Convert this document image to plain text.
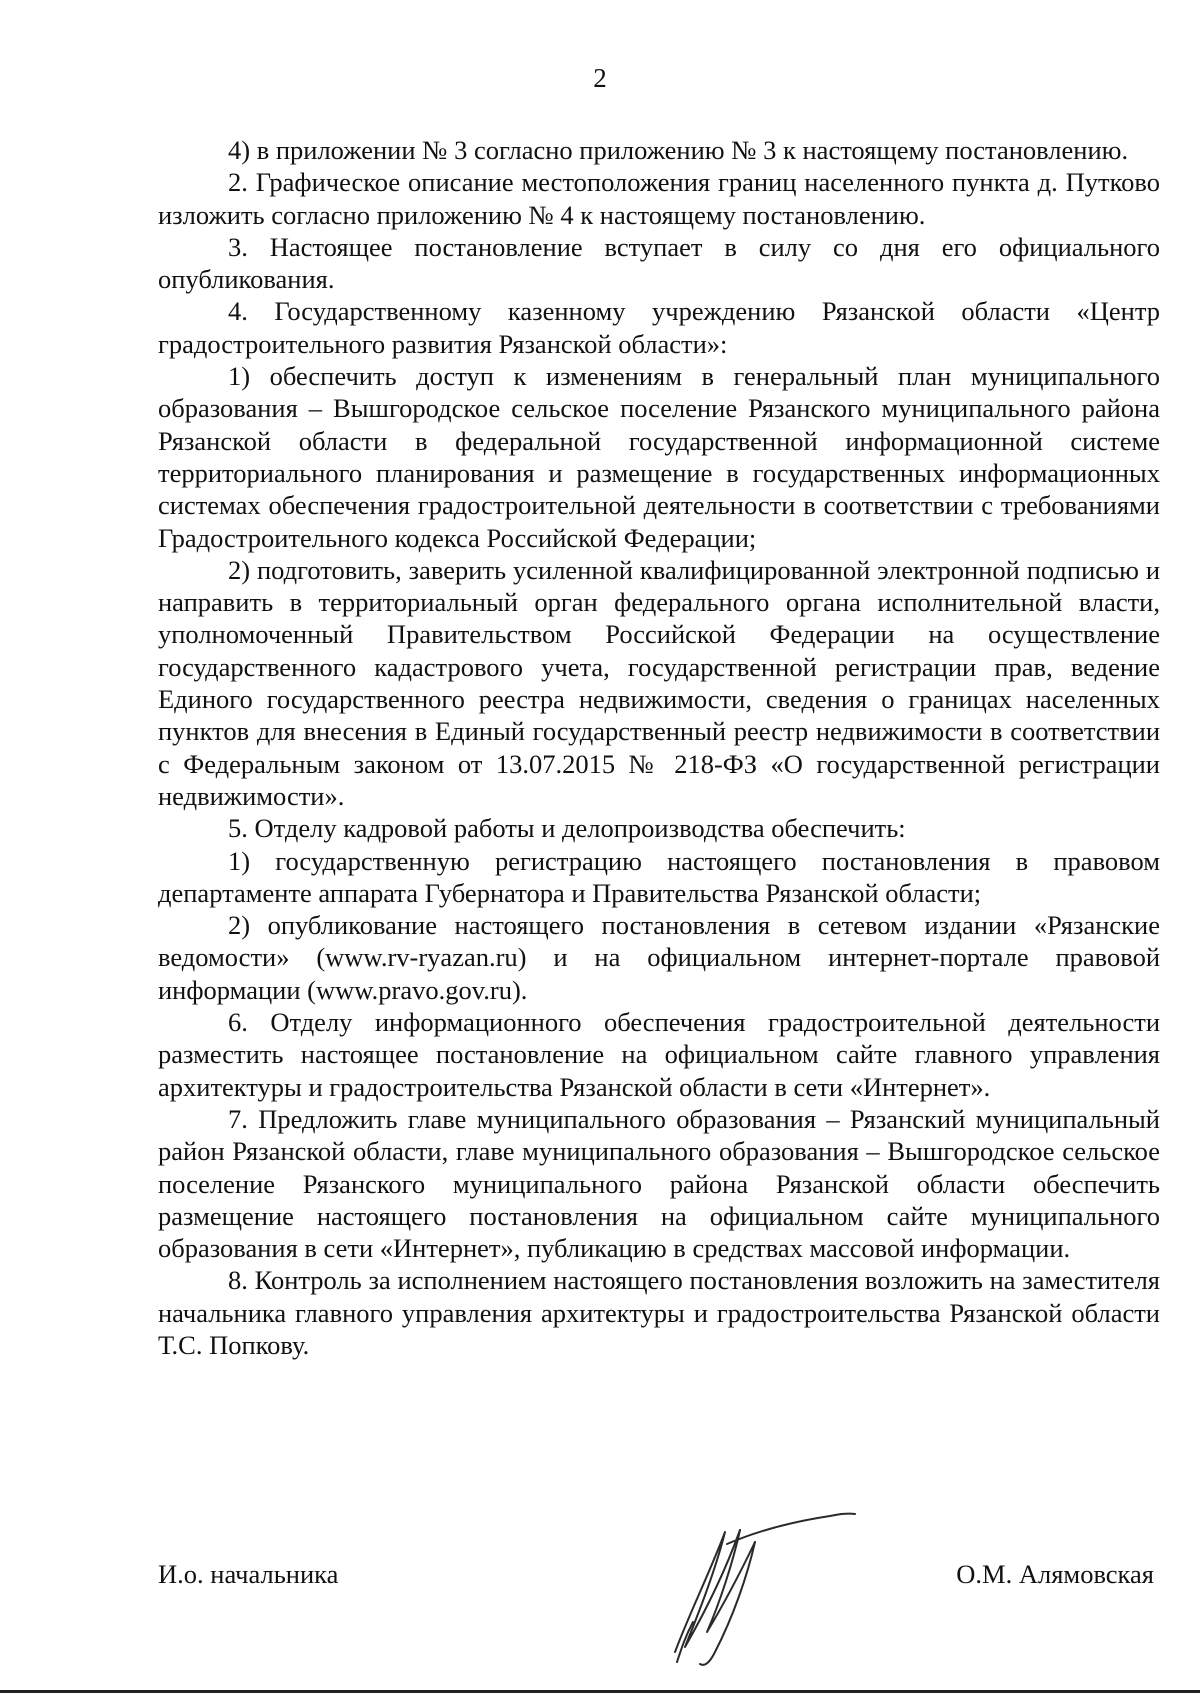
2

4) в приложении № 3 согласно приложению № 3 к настоящему постановлению.

2. Графическое описание местоположения границ населенного пункта д. Путково изложить согласно приложению № 4 к настоящему постановлению.

3. Настоящее постановление вступает в силу со дня его официального опубликования.

4. Государственному казенному учреждению Рязанской области «Центр градостроительного развития Рязанской области»:

1) обеспечить доступ к изменениям в генеральный план муниципального образования – Вышгородское сельское поселение Рязанского муниципального района Рязанской области в федеральной государственной информационной системе территориального планирования и размещение в государственных информационных системах обеспечения градостроительной деятельности в соответствии с требованиями Градостроительного кодекса Российской Федерации;

2) подготовить, заверить усиленной квалифицированной электронной подписью и направить в территориальный орган федерального органа исполнительной власти, уполномоченный Правительством Российской Федерации на осуществление государственного кадастрового учета, государственной регистрации прав, ведение Единого государственного реестра недвижимости, сведения о границах населенных пунктов для внесения в Единый государственный реестр недвижимости в соответствии с Федеральным законом от 13.07.2015 № 218-ФЗ «О государственной регистрации недвижимости».

5. Отделу кадровой работы и делопроизводства обеспечить:

1) государственную регистрацию настоящего постановления в правовом департаменте аппарата Губернатора и Правительства Рязанской области;

2) опубликование настоящего постановления в сетевом издании «Рязанские ведомости» (www.rv-ryazan.ru) и на официальном интернет-портале правовой информации (www.pravo.gov.ru).

6. Отделу информационного обеспечения градостроительной деятельности разместить настоящее постановление на официальном сайте главного управления архитектуры и градостроительства Рязанской области в сети «Интернет».

7. Предложить главе муниципального образования – Рязанский муниципальный район Рязанской области, главе муниципального образования – Вышгородское сельское поселение Рязанского муниципального района Рязанской области обеспечить размещение настоящего постановления на официальном сайте муниципального образования в сети «Интернет», публикацию в средствах массовой информации.

8. Контроль за исполнением настоящего постановления возложить на заместителя начальника главного управления архитектуры и градостроительства Рязанской области Т.С. Попкову.

И.о. начальника	О.М. Алямовская
